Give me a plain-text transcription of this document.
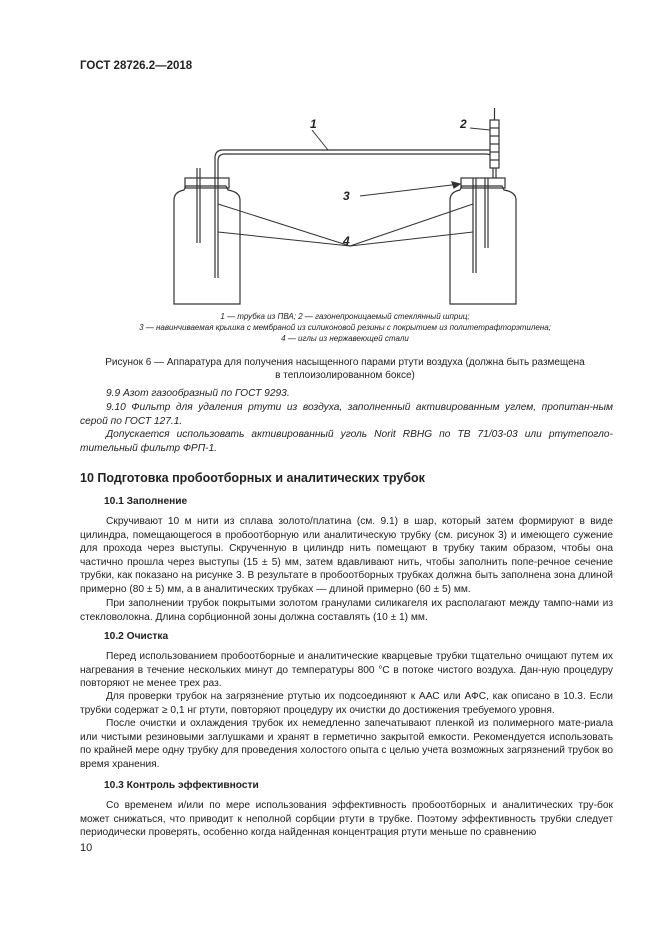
ГОСТ 28726.2—2018
1	2
3
4
1 — трубка из ПВА; 2 — газонепроницаемый стеклянный шприц;
3 — навинчиваемая крышка с мембраной из силиконовой резины с покрытием из политетрафторэтилена;
4 — иглы из нержавеющей стали
Рисунок 6 — Аппаратура для получения насыщенного парами ртути воздуха (должна быть размещена
в теплоизолированном боксе)

9.9 Азот газообразный по ГОСТ 9293.

9.10 Фильтр для удаления ртути из воздуха, заполненный активированным углем, пропитан-ным серой по ГОСТ 127.1.

Допускается использовать активированный уголь Norit RBHG по ТВ 71/03-03 или ртутепогло-тительный фильтр ФРП-1.

10 Подготовка пробоотборных и аналитических трубок
10.1 Заполнение

Скручивают 10 м нити из сплава золото/платина (см. 9.1) в шар, который затем формируют в виде цилиндра, помещающегося в пробоотборную или аналитическую трубку (см. рисунок 3) и имеющего сужение для прохода через выступы. Скрученную в цилиндр нить помещают в трубку таким образом, чтобы она частично прошла через выступы (15 ± 5) мм, затем вдавливают нить, чтобы заполнить попе-речное сечение трубки, как показано на рисунке 3. В результате в пробоотборных трубках должна быть заполнена зона длиной примерно (80 ± 5) мм, а в аналитических трубках — длиной примерно (60 ± 5) мм.

При заполнении трубок покрытыми золотом гранулами силикагеля их располагают между тампо-нами из стекловолокна. Длина сорбционной зоны должна составлять (10 ± 1) мм.

10.2 Очистка

Перед использованием пробоотборные и аналитические кварцевые трубки тщательно очищают путем их нагревания в течение нескольких минут до температуры 800 °С в потоке чистого воздуха. Дан-ную процедуру повторяют не менее трех раз.

Для проверки трубок на загрязнение ртутью их подсоединяют к ААС или АФС, как описано в 10.3. Если трубки содержат ≥ 0,1 нг ртути, повторяют процедуру их очистки до достижения требуемого уровня.

После очистки и охлаждения трубок их немедленно запечатывают пленкой из полимерного мате-риала или чистыми резиновыми заглушками и хранят в герметично закрытой емкости. Рекомендуется использовать по крайней мере одну трубку для проведения холостого опыта с целью учета возможных загрязнений трубок во время хранения.

10.3 Контроль эффективности

Со временем и/или по мере использования эффективность пробоотборных и аналитических тру-бок может снижаться, что приводит к неполной сорбции ртути в трубке. Поэтому эффективность трубки следует периодически проверять, особенно когда найденная концентрация ртути меньше по сравнению

10
